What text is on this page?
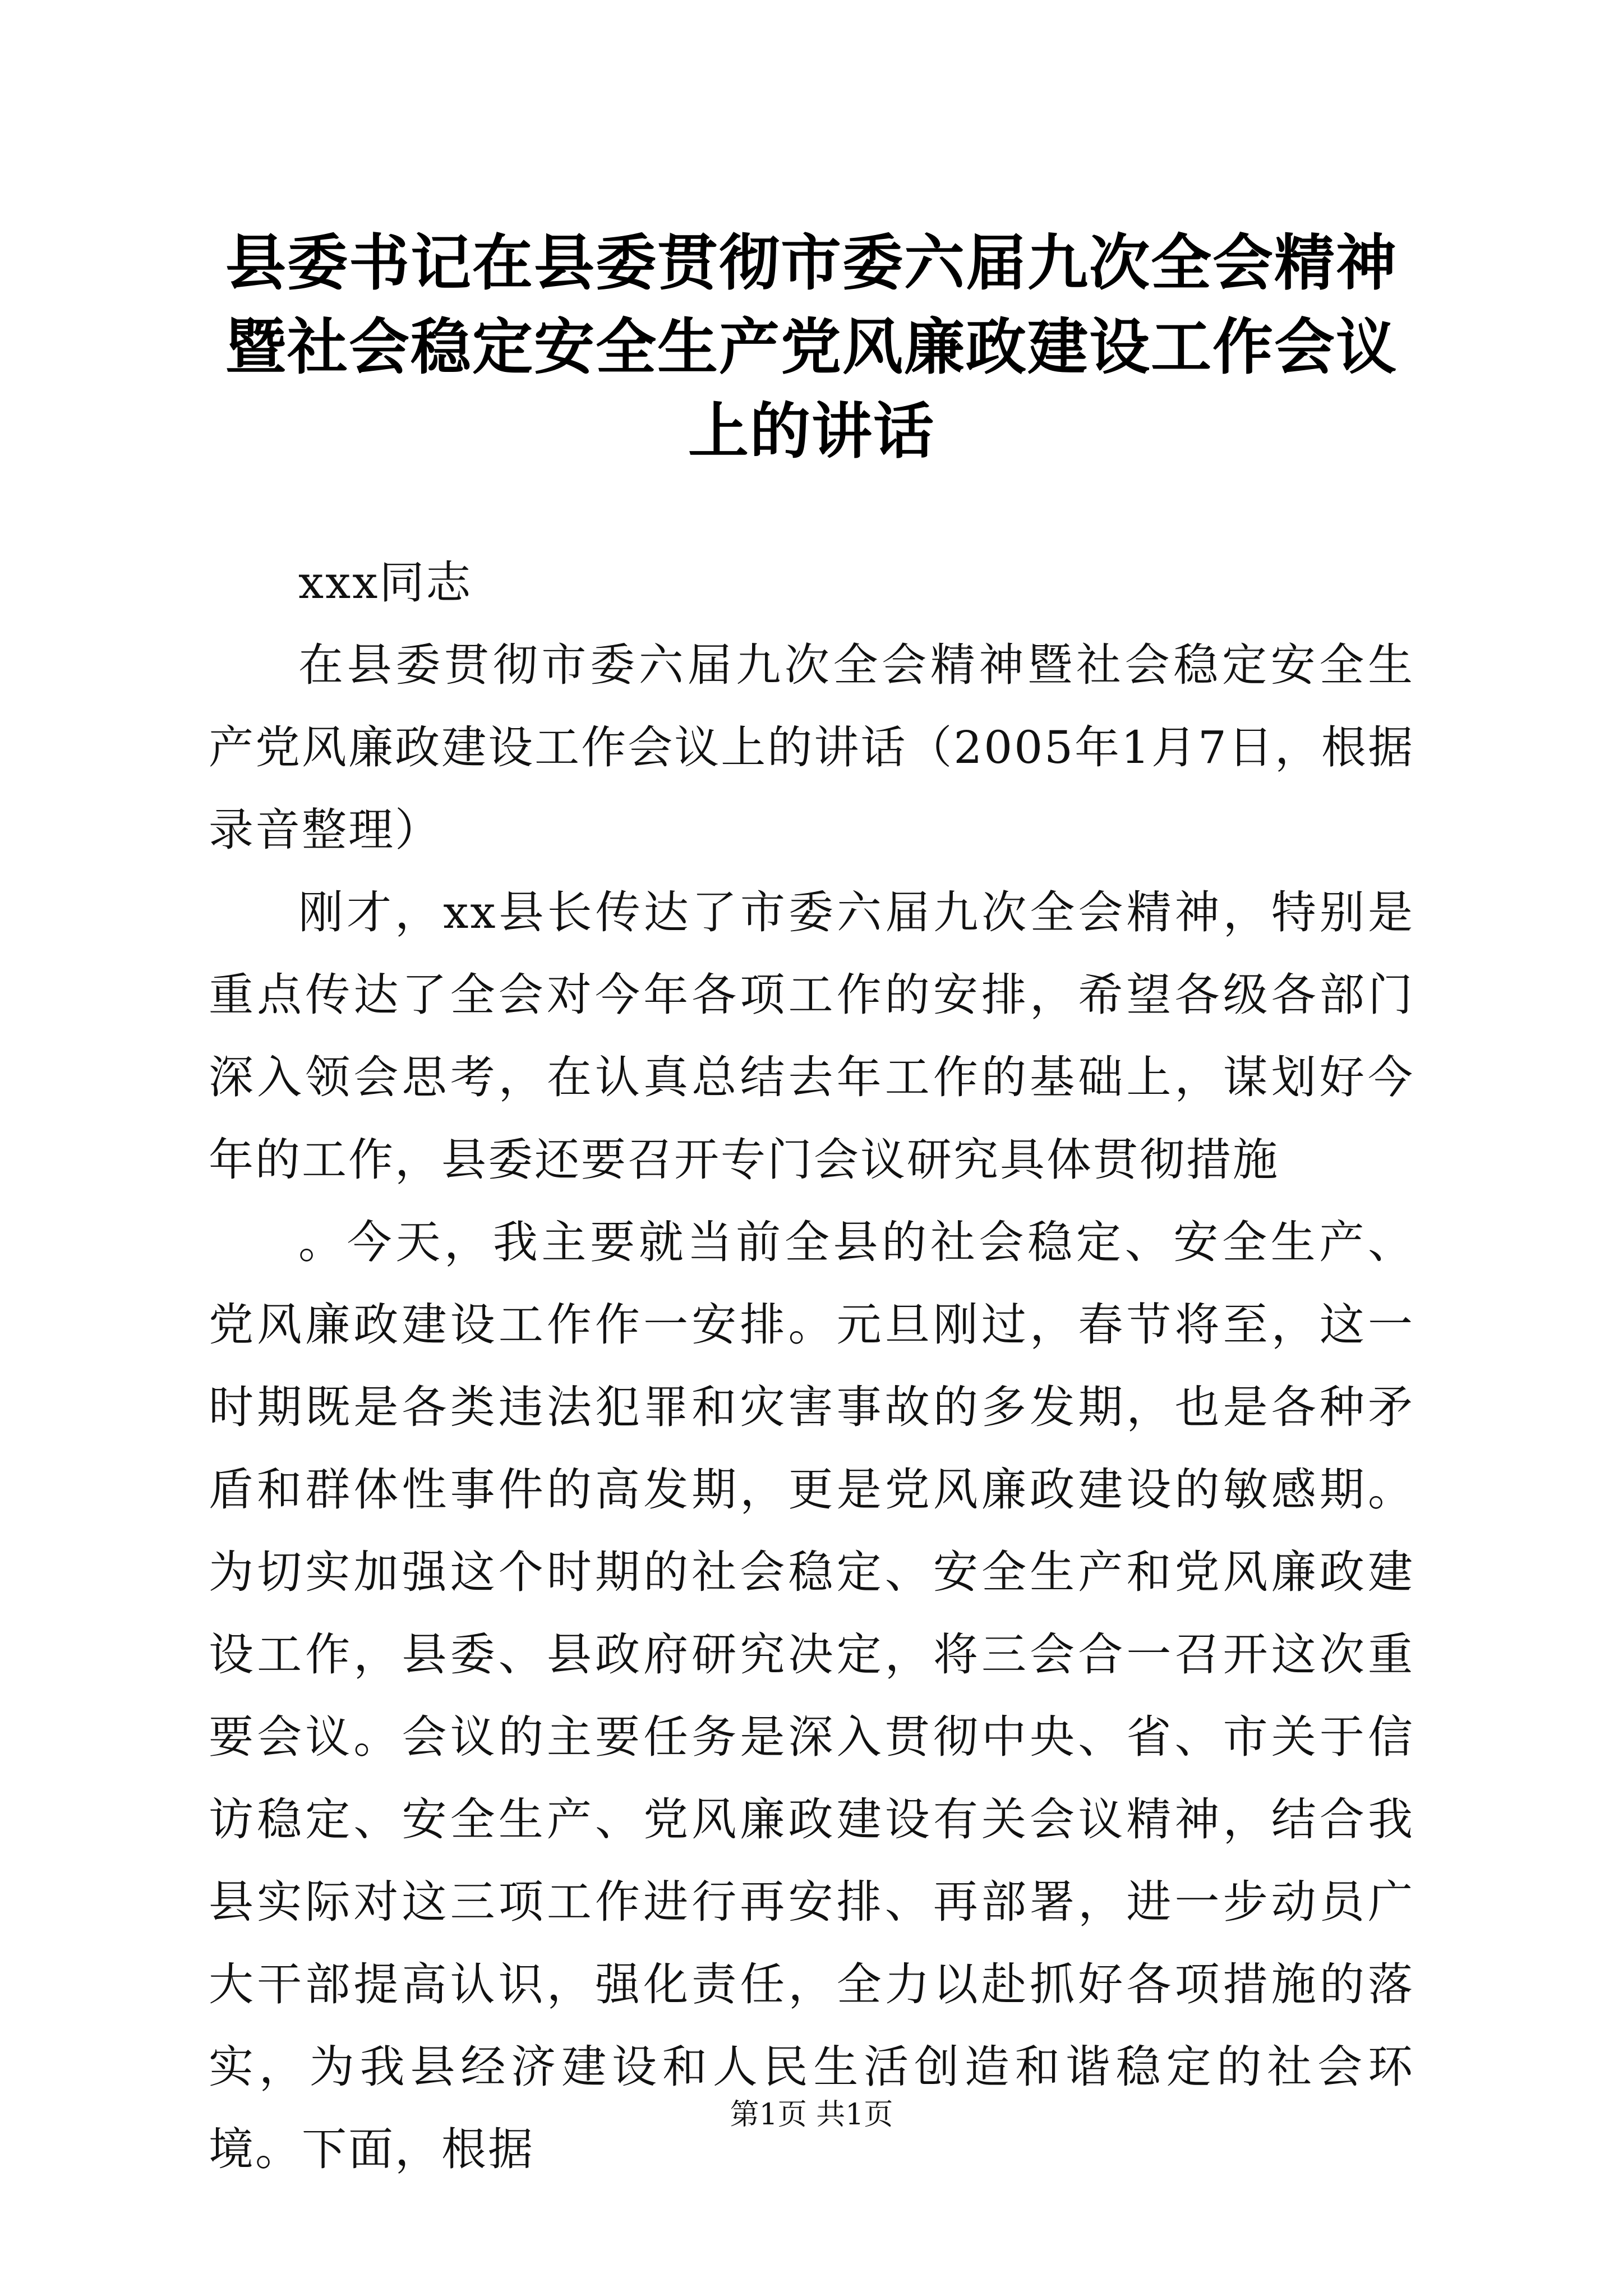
县委书记在县委贯彻市委六届九次全会精神暨社会稳定安全生产党风廉政建设工作会议上的讲话

xxx同志

在县委贯彻市委六届九次全会精神暨社会稳定安全生产党风廉政建设工作会议上的讲话（2005年1月7日，根据录音整理）

刚才，xx县长传达了市委六届九次全会精神，特别是重点传达了全会对今年各项工作的安排，希望各级各部门深入领会思考，在认真总结去年工作的基础上，谋划好今年的工作，县委还要召开专门会议研究具体贯彻措施

。今天，我主要就当前全县的社会稳定、安全生产、党风廉政建设工作作一安排。元旦刚过，春节将至，这一时期既是各类违法犯罪和灾害事故的多发期，也是各种矛盾和群体性事件的高发期，更是党风廉政建设的敏感期。为切实加强这个时期的社会稳定、安全生产和党风廉政建设工作，县委、县政府研究决定，将三会合一召开这次重要会议。会议的主要任务是深入贯彻中央、省、市关于信访稳定、安全生产、党风廉政建设有关会议精神，结合我县实际对这三项工作进行再安排、再部署，进一步动员广大干部提高认识，强化责任，全力以赴抓好各项措施的落实，为我县经济建设和人民生活创造和谐稳定的社会环境。下面，根据

第1页 共1页
